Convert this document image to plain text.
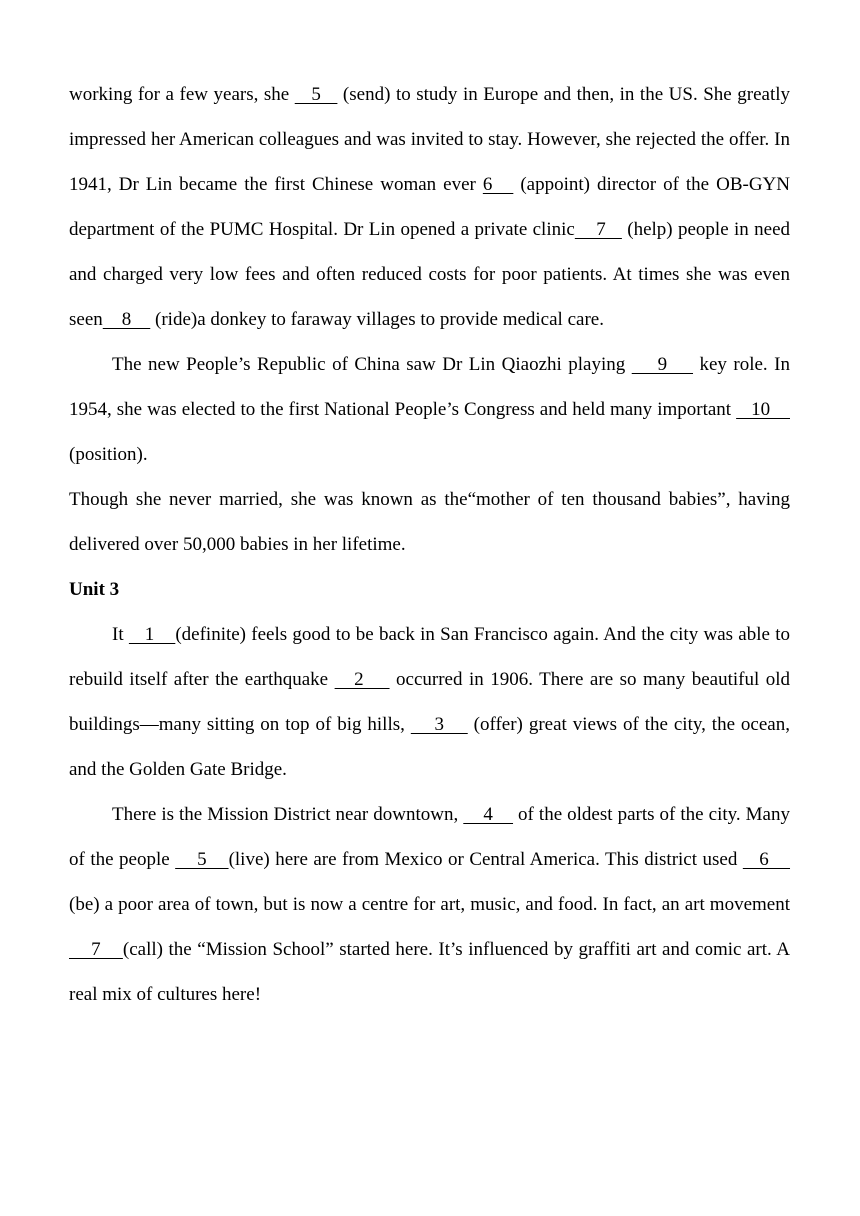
working for a few years, she    5    (send) to study in Europe and then, in the US. She greatly impressed her American colleagues and was invited to stay. However, she rejected the offer. In 1941, Dr Lin became the first Chinese woman ever 6    (appoint) director of the OB-GYN department of the PUMC Hospital. Dr Lin opened a private clinic    7    (help) people in need and charged very low fees and often reduced costs for poor patients. At times she was even seen    8     (ride)a donkey to faraway villages to provide medical care.

The new People’s Republic of China saw Dr Lin Qiaozhi playing     9     key role. In 1954, she was elected to the first National People’s Congress and held many important    10     (position).

Though she never married, she was known as the“mother of ten thousand babies”, having delivered over 50,000 babies in her lifetime.

Unit 3

It    1    (definite) feels good to be back in San Francisco again. And the city was able to rebuild itself after the earthquake    2     occurred in 1906. There are so many beautiful old buildings—many sitting on top of big hills,     3     (offer) great views of the city, the ocean, and the Golden Gate Bridge.

There is the Mission District near downtown,     4     of the oldest parts of the city. Many of the people     5    (live) here are from Mexico or Central America. This district used    6     (be) a poor area of town, but is now a centre for art, music, and food. In fact, an art movement     7    (call) the “Mission School” started here. It’s influenced by graffiti art and comic art. A real mix of cultures here!
